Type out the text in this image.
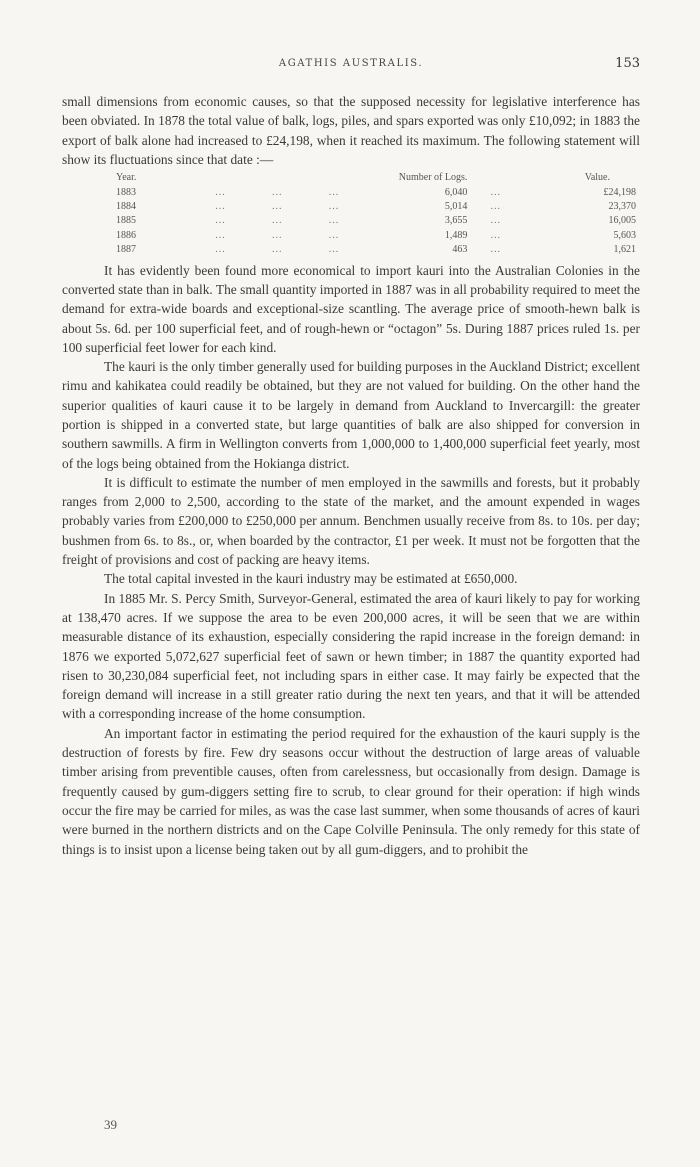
AGATHIS AUSTRALIS.	153

small dimensions from economic causes, so that the supposed necessity for legislative interference has been obviated. In 1878 the total value of balk, logs, piles, and spars exported was only £10,092; in 1883 the export of balk alone had increased to £24,198, when it reached its maximum. The following statement will show its fluctuations since that date :—

Year.				Number of Logs.		Value.
1883	...	...	...	6,040	...	£24,198
1884	...	...	...	5,014	...	23,370
1885	...	...	...	3,655	...	16,005
1886	...	...	...	1,489	...	5,603
1887	...	...	...	463	...	1,621

It has evidently been found more economical to import kauri into the Australian Colonies in the converted state than in balk. The small quantity imported in 1887 was in all probability required to meet the demand for extra-wide boards and exceptional-size scantling. The average price of smooth-hewn balk is about 5s. 6d. per 100 superficial feet, and of rough-hewn or “octagon” 5s. During 1887 prices ruled 1s. per 100 superficial feet lower for each kind.

The kauri is the only timber generally used for building purposes in the Auckland District; excellent rimu and kahikatea could readily be obtained, but they are not valued for building. On the other hand the superior qualities of kauri cause it to be largely in demand from Auckland to Invercargill: the greater portion is shipped in a converted state, but large quantities of balk are also shipped for conversion in southern sawmills. A firm in Wellington converts from 1,000,000 to 1,400,000 superficial feet yearly, most of the logs being obtained from the Hokianga district.

It is difficult to estimate the number of men employed in the sawmills and forests, but it probably ranges from 2,000 to 2,500, according to the state of the market, and the amount expended in wages probably varies from £200,000 to £250,000 per annum. Benchmen usually receive from 8s. to 10s. per day; bushmen from 6s. to 8s., or, when boarded by the contractor, £1 per week. It must not be forgotten that the freight of provisions and cost of packing are heavy items.

The total capital invested in the kauri industry may be estimated at £650,000.

In 1885 Mr. S. Percy Smith, Surveyor-General, estimated the area of kauri likely to pay for working at 138,470 acres. If we suppose the area to be even 200,000 acres, it will be seen that we are within measurable distance of its exhaustion, especially considering the rapid increase in the foreign demand: in 1876 we exported 5,072,627 superficial feet of sawn or hewn timber; in 1887 the quantity exported had risen to 30,230,084 superficial feet, not including spars in either case. It may fairly be expected that the foreign demand will increase in a still greater ratio during the next ten years, and that it will be attended with a corresponding increase of the home consumption.

An important factor in estimating the period required for the exhaustion of the kauri supply is the destruction of forests by fire. Few dry seasons occur without the destruction of large areas of valuable timber arising from preventible causes, often from carelessness, but occasionally from design. Damage is frequently caused by gum-diggers setting fire to scrub, to clear ground for their operation: if high winds occur the fire may be carried for miles, as was the case last summer, when some thousands of acres of kauri were burned in the northern districts and on the Cape Colville Peninsula. The only remedy for this state of things is to insist upon a license being taken out by all gum-diggers, and to prohibit the

39
